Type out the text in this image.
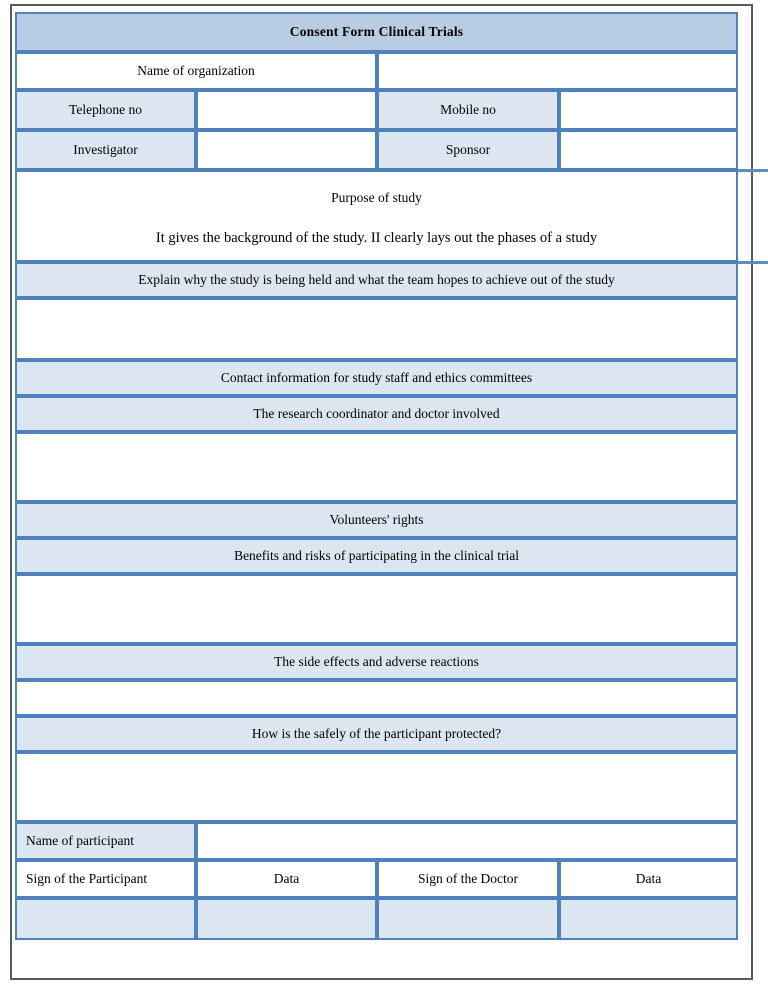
Consent Form Clinical Trials			
Name of organization			
Telephone no		Mobile no	
Investigator		Sponsor	

Purpose of study
It gives the background of the study. II clearly lays out the phases of a study			

Explain why the study is being held and what the team hopes to achieve out of the study			

Contact information for study staff and ethics committees			
The research coordinator and doctor involved			

Volunteers' rights			
Benefits and risks of participating in the clinical trial			

The side effects and adverse reactions			

How is the safely of the participant protected?			

Name of participant			
Sign of the Participant	Data	Sign of the Doctor	Data
